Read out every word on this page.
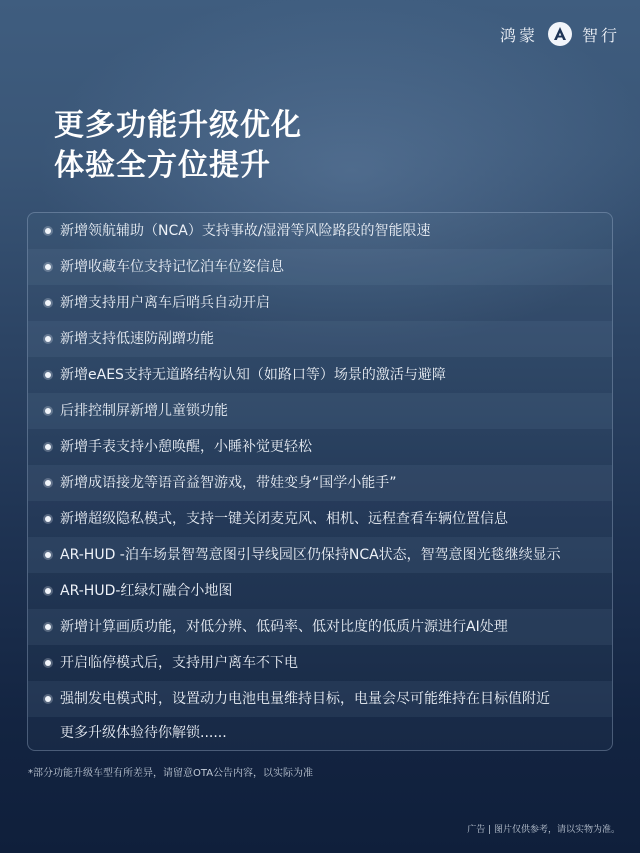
鸿蒙	智行
更多功能升级优化
体验全方位提升
新增领航辅助（NCA）支持事故/湿滑等风险路段的智能限速
新增收藏车位支持记忆泊车位姿信息
新增支持用户离车后哨兵自动开启
新增支持低速防剐蹭功能
新增eAES支持无道路结构认知（如路口等）场景的激活与避障
后排控制屏新增儿童锁功能
新增手表支持小憩唤醒，小睡补觉更轻松
新增成语接龙等语音益智游戏，带娃变身“国学小能手”
新增超级隐私模式，支持一键关闭麦克风、相机、远程查看车辆位置信息
AR-HUD -泊车场景智驾意图引导线园区仍保持NCA状态，智驾意图光毯继续显示
AR-HUD-红绿灯融合小地图
新增计算画质功能，对低分辨、低码率、低对比度的低质片源进行AI处理
开启临停模式后，支持用户离车不下电
强制发电模式时，设置动力电池电量维持目标，电量会尽可能维持在目标值附近
更多升级体验待你解锁......
*部分功能升级车型有所差异，请留意OTA公告内容，以实际为准
广告 | 图片仅供参考，请以实物为准。
